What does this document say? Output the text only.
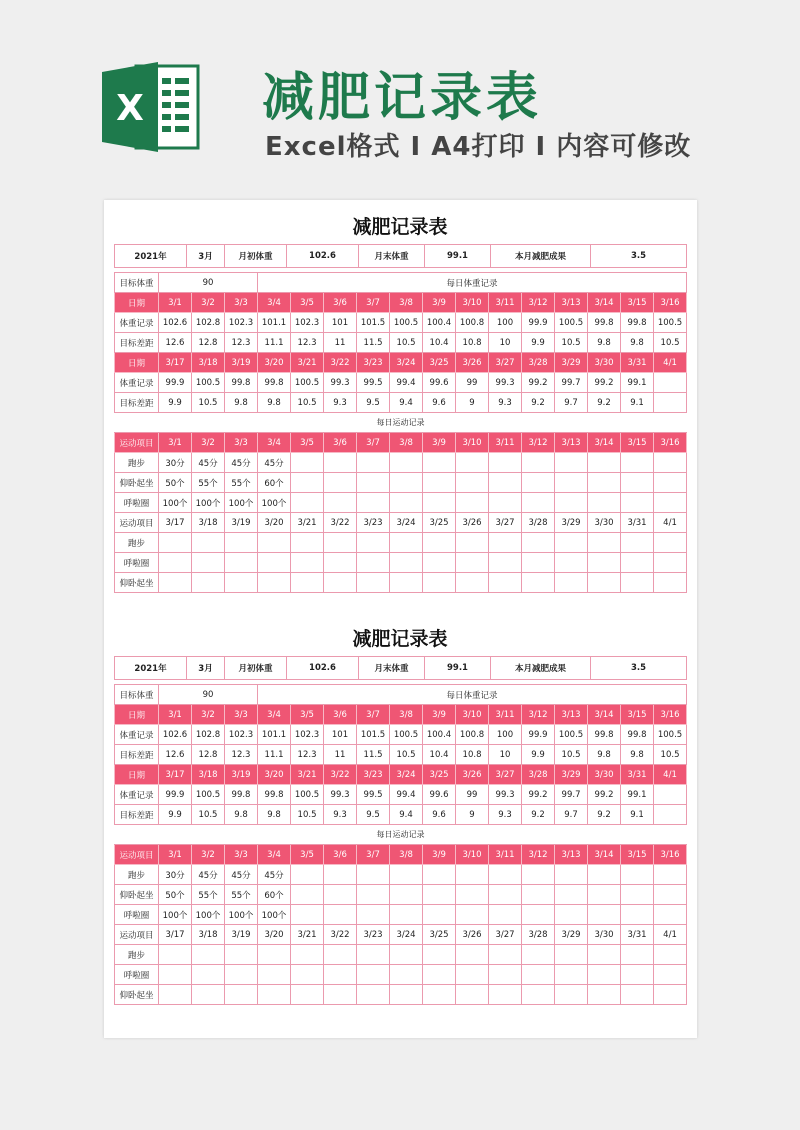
X 减肥记录表
Excel格式 I A4打印 I 内容可修改
减肥记录表
2021年	3月	月初体重	102.6	月末体重	99.1	本月减肥成果	3.5
目标体重	90			每日体重记录												
日期	3/1	3/2	3/3	3/4	3/5	3/6	3/7	3/8	3/9	3/10	3/11	3/12	3/13	3/14	3/15	3/16
体重记录	102.6	102.8	102.3	101.1	102.3	101	101.5	100.5	100.4	100.8	100	99.9	100.5	99.8	99.8	100.5
目标差距	12.6	12.8	12.3	11.1	12.3	11	11.5	10.5	10.4	10.8	10	9.9	10.5	9.8	9.8	10.5
日期	3/17	3/18	3/19	3/20	3/21	3/22	3/23	3/24	3/25	3/26	3/27	3/28	3/29	3/30	3/31	4/1
体重记录	99.9	100.5	99.8	99.8	100.5	99.3	99.5	99.4	99.6	99	99.3	99.2	99.7	99.2	99.1	
目标差距	9.9	10.5	9.8	9.8	10.5	9.3	9.5	9.4	9.6	9	9.3	9.2	9.7	9.2	9.1	
每日运动记录																
运动项目	3/1	3/2	3/3	3/4	3/5	3/6	3/7	3/8	3/9	3/10	3/11	3/12	3/13	3/14	3/15	3/16
跑步	30分	45分	45分	45分												
仰卧起坐	50个	55个	55个	60个												
呼啦圈	100个	100个	100个	100个												
运动项目	3/17	3/18	3/19	3/20	3/21	3/22	3/23	3/24	3/25	3/26	3/27	3/28	3/29	3/30	3/31	4/1
跑步																
呼啦圈																
仰卧起坐																
减肥记录表
2021年	3月	月初体重	102.6	月末体重	99.1	本月减肥成果	3.5
目标体重	90			每日体重记录												
日期	3/1	3/2	3/3	3/4	3/5	3/6	3/7	3/8	3/9	3/10	3/11	3/12	3/13	3/14	3/15	3/16
体重记录	102.6	102.8	102.3	101.1	102.3	101	101.5	100.5	100.4	100.8	100	99.9	100.5	99.8	99.8	100.5
目标差距	12.6	12.8	12.3	11.1	12.3	11	11.5	10.5	10.4	10.8	10	9.9	10.5	9.8	9.8	10.5
日期	3/17	3/18	3/19	3/20	3/21	3/22	3/23	3/24	3/25	3/26	3/27	3/28	3/29	3/30	3/31	4/1
体重记录	99.9	100.5	99.8	99.8	100.5	99.3	99.5	99.4	99.6	99	99.3	99.2	99.7	99.2	99.1	
目标差距	9.9	10.5	9.8	9.8	10.5	9.3	9.5	9.4	9.6	9	9.3	9.2	9.7	9.2	9.1	
每日运动记录																
运动项目	3/1	3/2	3/3	3/4	3/5	3/6	3/7	3/8	3/9	3/10	3/11	3/12	3/13	3/14	3/15	3/16
跑步	30分	45分	45分	45分												
仰卧起坐	50个	55个	55个	60个												
呼啦圈	100个	100个	100个	100个												
运动项目	3/17	3/18	3/19	3/20	3/21	3/22	3/23	3/24	3/25	3/26	3/27	3/28	3/29	3/30	3/31	4/1
跑步																
呼啦圈																
仰卧起坐																
